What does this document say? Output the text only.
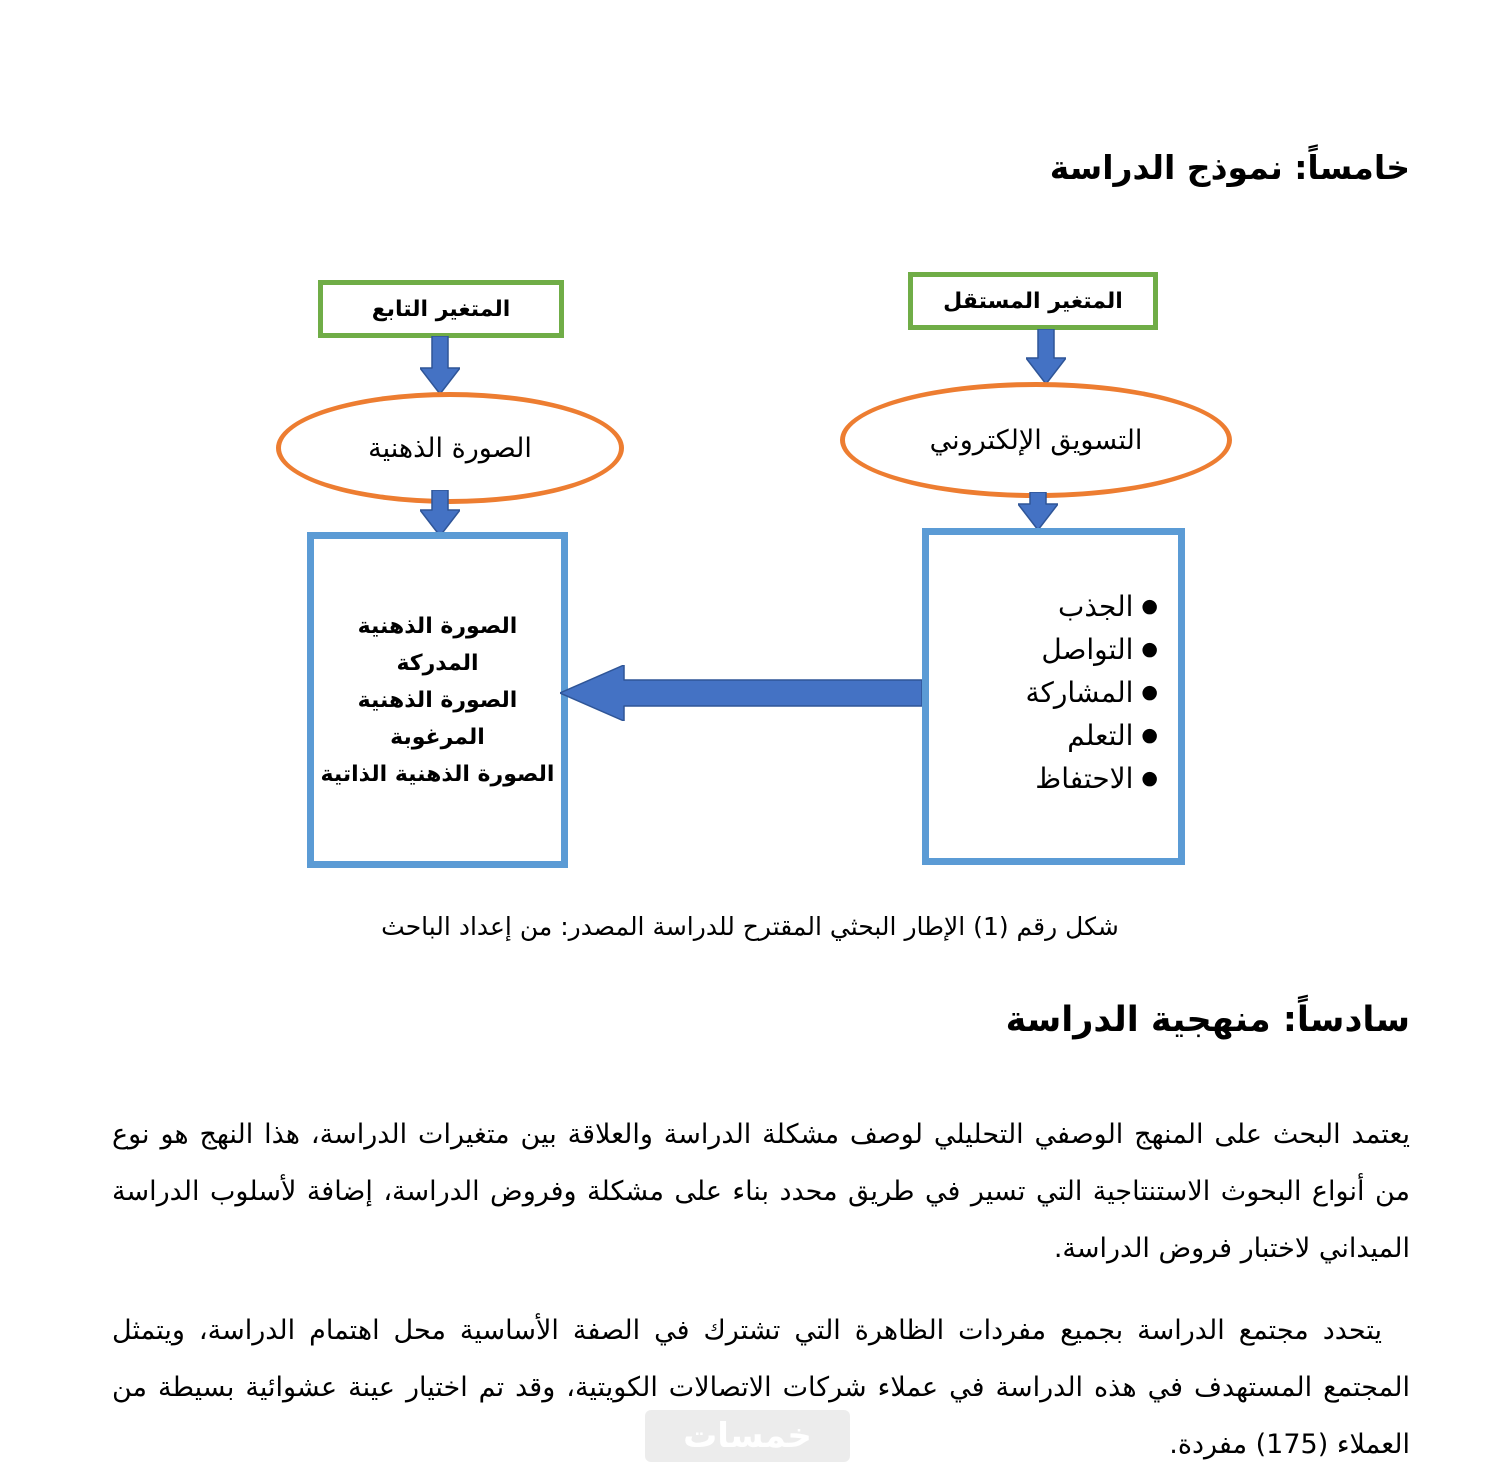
خامساً: نموذج الدراسة
المتغير التابع	المتغير المستقل
الصورة الذهنية	التسويق الإلكتروني
الصورة الذهنية المدركة
الصورة الذهنية المرغوبة
الصورة الذهنية الذاتية
●
الجذب
●
التواصل
●
المشاركة
●
التعلم
●
الاحتفاظ
شكل رقم (1) الإطار البحثي المقترح للدراسة المصدر: من إعداد الباحث
سادساً: منهجية الدراسة
يعتمد البحث على المنهج الوصفي التحليلي لوصف مشكلة الدراسة والعلاقة بين متغيرات الدراسة، هذا النهج هو نوع من أنواع البحوث الاستنتاجية التي تسير في طريق محدد بناء على مشكلة وفروض الدراسة، إضافة لأسلوب الدراسة الميداني لاختبار فروض الدراسة.
يتحدد مجتمع الدراسة بجميع مفردات الظاهرة التي تشترك في الصفة الأساسية محل اهتمام الدراسة، ويتمثل المجتمع المستهدف في هذه الدراسة في عملاء شركات الاتصالات الكويتية، وقد تم اختيار عينة عشوائية بسيطة من العملاء (175) مفردة.
خمسات
